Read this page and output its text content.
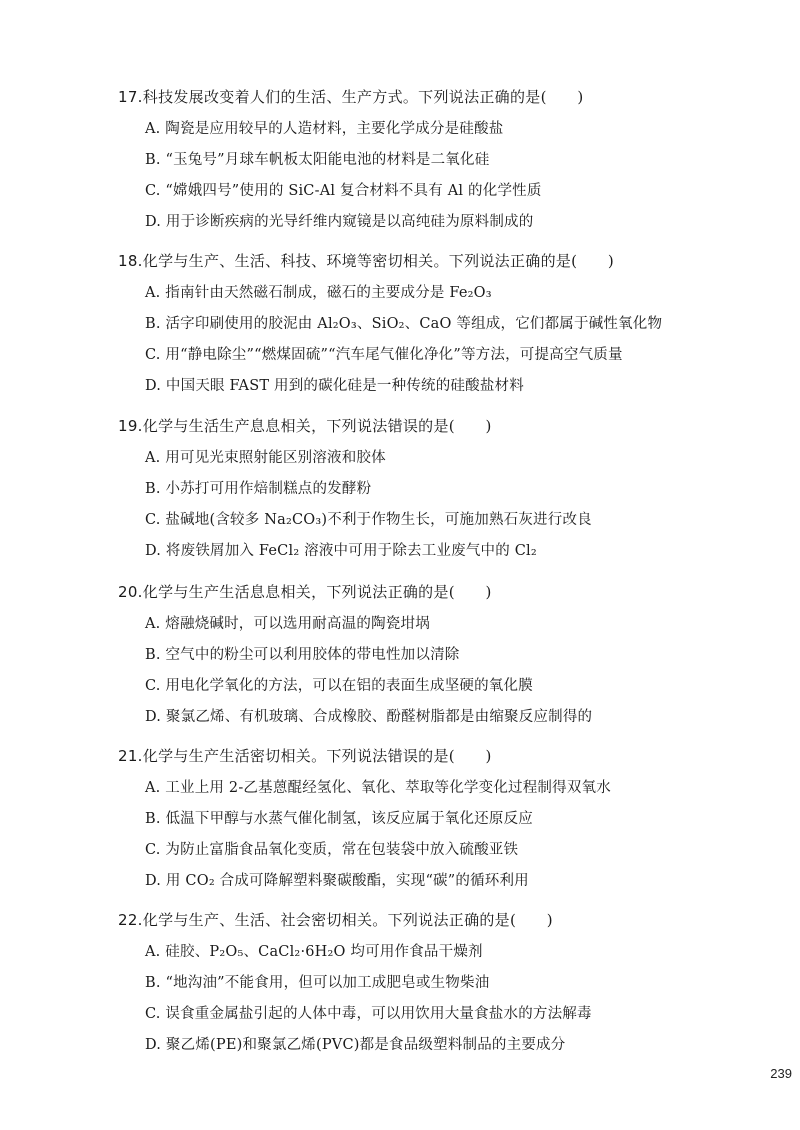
17.科技发展改变着人们的生活、生产方式。下列说法正确的是(　　)
A. 陶瓷是应用较早的人造材料，主要化学成分是硅酸盐
B. “玉兔号”月球车帆板太阳能电池的材料是二氧化硅
C. “嫦娥四号”使用的 SiC-Al 复合材料不具有 Al 的化学性质
D. 用于诊断疾病的光导纤维内窥镜是以高纯硅为原料制成的
18.化学与生产、生活、科技、环境等密切相关。下列说法正确的是(　　)
A. 指南针由天然磁石制成，磁石的主要成分是 Fe₂O₃
B. 活字印刷使用的胶泥由 Al₂O₃、SiO₂、CaO 等组成，它们都属于碱性氧化物
C. 用“静电除尘”“燃煤固硫”“汽车尾气催化净化”等方法，可提高空气质量
D. 中国天眼 FAST 用到的碳化硅是一种传统的硅酸盐材料
19.化学与生活生产息息相关，下列说法错误的是(　　)
A. 用可见光束照射能区别溶液和胶体
B. 小苏打可用作焙制糕点的发酵粉
C. 盐碱地(含较多 Na₂CO₃)不利于作物生长，可施加熟石灰进行改良
D. 将废铁屑加入 FeCl₂ 溶液中可用于除去工业废气中的 Cl₂
20.化学与生产生活息息相关，下列说法正确的是(　　)
A. 熔融烧碱时，可以选用耐高温的陶瓷坩埚
B. 空气中的粉尘可以利用胶体的带电性加以清除
C. 用电化学氧化的方法，可以在铝的表面生成坚硬的氧化膜
D. 聚氯乙烯、有机玻璃、合成橡胶、酚醛树脂都是由缩聚反应制得的
21.化学与生产生活密切相关。下列说法错误的是(　　)
A. 工业上用 2-乙基蒽醌经氢化、氧化、萃取等化学变化过程制得双氧水
B. 低温下甲醇与水蒸气催化制氢，该反应属于氧化还原反应
C. 为防止富脂食品氧化变质，常在包装袋中放入硫酸亚铁
D. 用 CO₂ 合成可降解塑料聚碳酸酯，实现“碳”的循环利用
22.化学与生产、生活、社会密切相关。下列说法正确的是(　　)
A. 硅胶、P₂O₅、CaCl₂·6H₂O 均可用作食品干燥剂
B. “地沟油”不能食用，但可以加工成肥皂或生物柴油
C. 误食重金属盐引起的人体中毒，可以用饮用大量食盐水的方法解毒
D. 聚乙烯(PE)和聚氯乙烯(PVC)都是食品级塑料制品的主要成分
239
